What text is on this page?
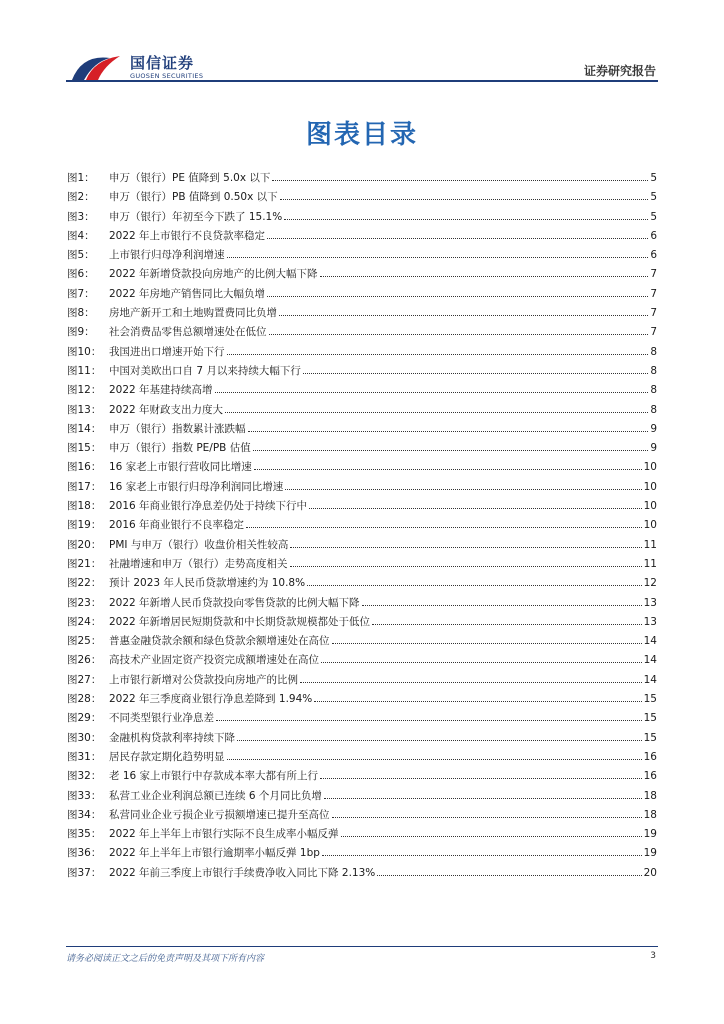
国信证券
GUOSEN SECURITIES	证券研究报告
图表目录
图1：	申万（银行）PE 值降到 5.0x 以下	5
图2：	申万（银行）PB 值降到 0.50x 以下	5
图3：	申万（银行）年初至今下跌了 15.1%	5
图4：	2022 年上市银行不良贷款率稳定	6
图5：	上市银行归母净利润增速	6
图6：	2022 年新增贷款投向房地产的比例大幅下降	7
图7：	2022 年房地产销售同比大幅负增	7
图8：	房地产新开工和土地购置费同比负增	7
图9：	社会消费品零售总额增速处在低位	7
图10： 我国进出口增速开始下行	8
图11： 中国对美欧出口自 7 月以来持续大幅下行	8
图12： 2022 年基建持续高增	8
图13： 2022 年财政支出力度大	8
图14： 申万（银行）指数累计涨跌幅	9
图15： 申万（银行）指数 PE/PB 估值	9
图16： 16 家老上市银行营收同比增速	10
图17： 16 家老上市银行归母净利润同比增速	10
图18： 2016 年商业银行净息差仍处于持续下行中	10
图19： 2016 年商业银行不良率稳定	10
图20： PMI 与申万（银行）收盘价相关性较高	11
图21： 社融增速和申万（银行）走势高度相关	11
图22： 预计 2023 年人民币贷款增速约为 10.8%	12
图23： 2022 年新增人民币贷款投向零售贷款的比例大幅下降	13
图24： 2022 年新增居民短期贷款和中长期贷款规模都处于低位	13
图25： 普惠金融贷款余额和绿色贷款余额增速处在高位	14
图26： 高技术产业固定资产投资完成额增速处在高位	14
图27： 上市银行新增对公贷款投向房地产的比例	14
图28： 2022 年三季度商业银行净息差降到 1.94%	15
图29： 不同类型银行业净息差	15
图30： 金融机构贷款利率持续下降	15
图31： 居民存款定期化趋势明显	16
图32： 老 16 家上市银行中存款成本率大都有所上行	16
图33： 私营工业企业利润总额已连续 6 个月同比负增	18
图34： 私营同业企业亏损企业亏损额增速已提升至高位	18
图35： 2022 年上半年上市银行实际不良生成率小幅反弹	19
图36： 2022 年上半年上市银行逾期率小幅反弹 1bp	19
图37： 2022 年前三季度上市银行手续费净收入同比下降 2.13%	20
请务必阅读正文之后的免责声明及其项下所有内容	3
